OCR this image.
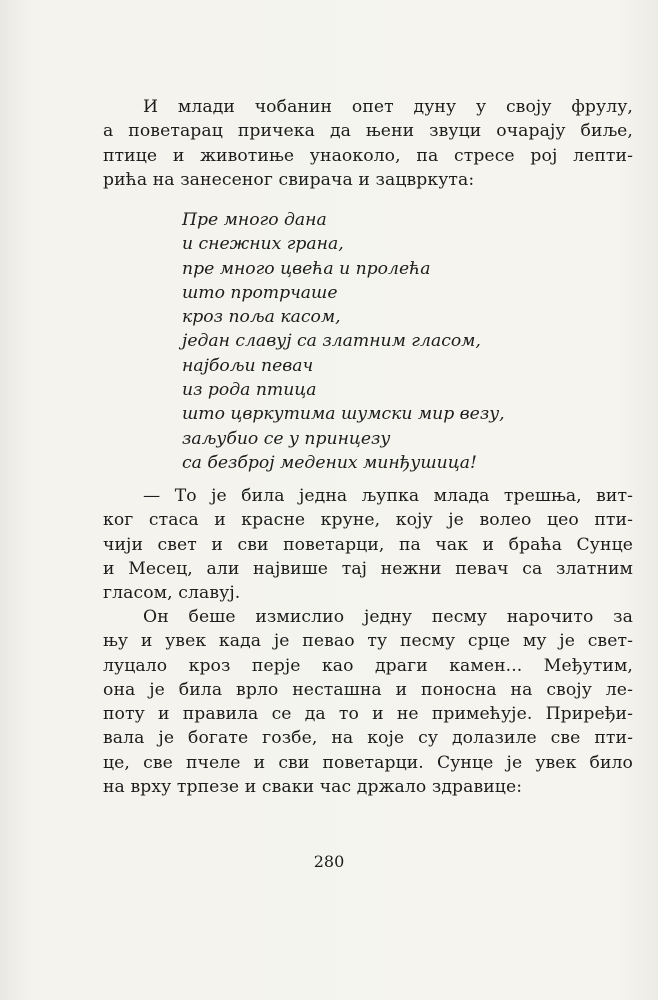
И млади чобанин опет дуну у своју фрулу,
а поветарац причека да њени звуци очарају биље,
птице и животиње унаоколо, па стресе рој лепти-
рића на занесеног свирача и зацвркута:
Пре много дана
и снежних грана,
пре много цвећа и пролећа
што протрчаше
кроз поља касом,
један славуј са златним гласом,
најбољи певач
из рода птица
што цвркутима шумски мир везу,
заљубио се у принцезу
са безброј медених минђушица!
— То је била једна љупка млада трешња, вит-
ког стаса и красне круне, коју је волео цео пти-
чији свет и сви поветарци, па чак и браћа Сунце
и Месец, али највише тај нежни певач са златним
гласом, славуј.
Он беше измислио једну песму нарочито за
њу и увек када је певао ту песму срце му је свет-
луцало кроз перје као драги камен... Међутим,
она је била врло несташна и поносна на своју ле-
поту и правила се да то и не примећује. Приређи-
вала је богате гозбе, на које су долазиле све пти-
це, све пчеле и сви поветарци. Сунце је увек било
на врху трпезе и сваки час држало здравице:
280
